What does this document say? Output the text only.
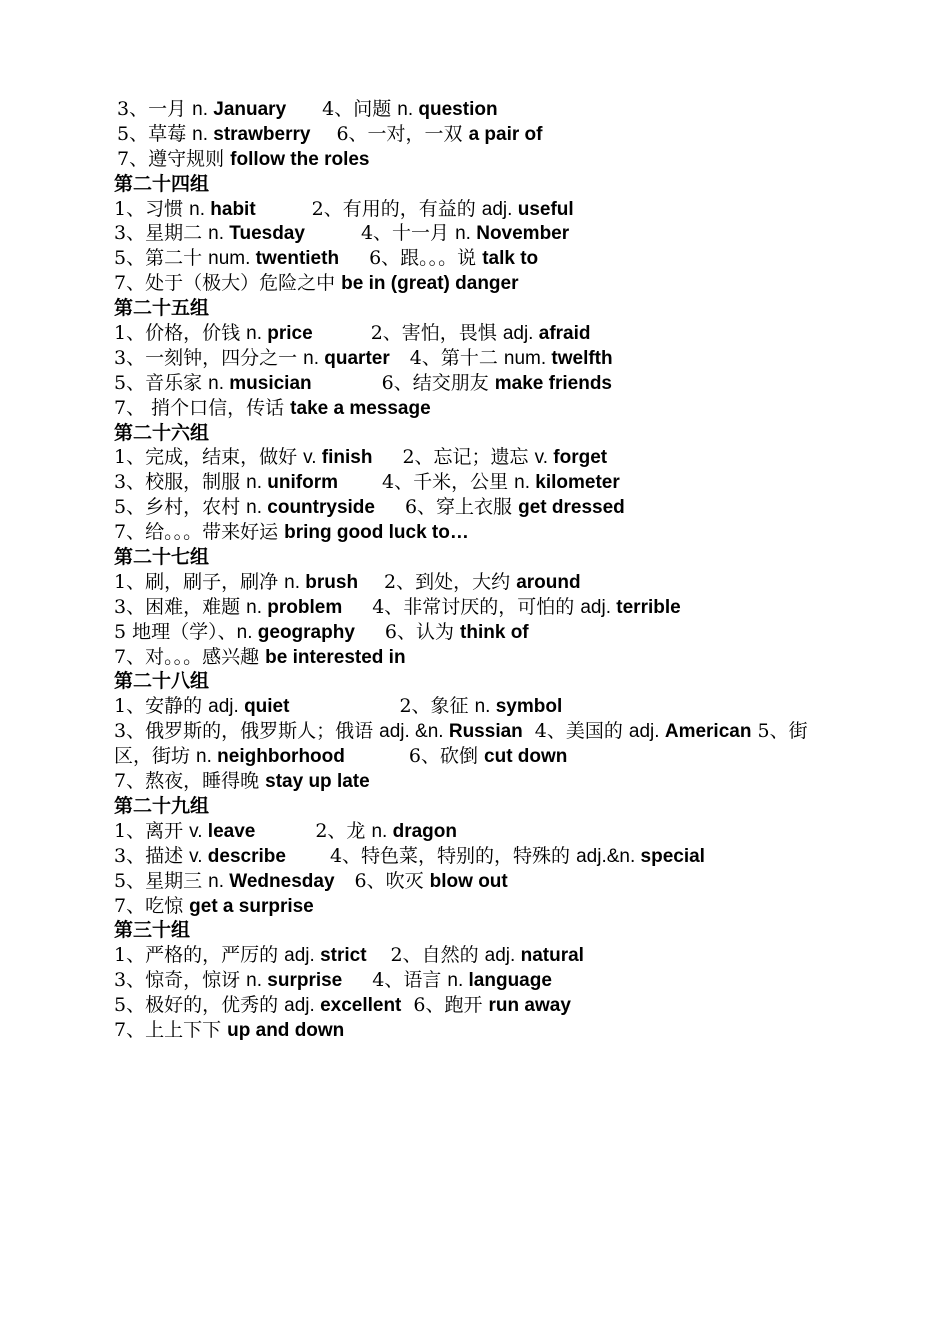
3、一月 n. January 4、问题 n. question
5、草莓 n. strawberry 6、一对，一双 a pair of
7、遵守规则 follow the roles
第二十四组
1、习惯 n. habit	2、有用的，有益的 adj. useful
3、星期二 n. Tuesday	4、十一月 n. November
5、第二十 num. twentieth 6、跟。。。说 talk to
7、处于（极大）危险之中 be in (great) danger
第二十五组
1、价格，价钱 n. price	2、害怕，畏惧 adj. afraid
3、一刻钟，四分之一 n. quarter 4、第十二 num. twelfth
5、音乐家 n. musician	6、结交朋友 make friends
7、 捎个口信，传话 take a message
第二十六组
1、完成，结束，做好 v. finish 2、忘记；遗忘 v. forget
3、校服，制服 n. uniform 4、千米，公里 n. kilometer
5、乡村，农村 n. countryside 6、穿上衣服 get dressed
7、给。。。带来好运 bring good luck to…
第二十七组
1、刷，刷子，刷净 n. brush 2、到处，大约 around
3、困难，难题 n. problem 4、非常讨厌的，可怕的 adj. terrible
5 地理（学）、n. geography 6、认为 think of
7、对。。。感兴趣 be interested in
第二十八组
1、安静的 adj. quiet	2、象征 n. symbol
3、俄罗斯的，俄罗斯人；俄语 adj. &n. Russian 4、美国的 adj. American 5、街
区，街坊 n. neighborhood	6、砍倒 cut down
7、熬夜，睡得晚 stay up late
第二十九组
1、离开 v. leave	2、龙 n. dragon
3、描述 v. describe 4、特色菜，特别的，特殊的 adj.&n. special
5、星期三 n. Wednesday 6、吹灭 blow out
7、吃惊 get a surprise
第三十组
1、严格的，严厉的 adj. strict 2、自然的 adj. natural
3、惊奇，惊讶 n. surprise 4、语言 n. language
5、极好的，优秀的 adj. excellent 6、跑开 run away
7、上上下下 up and down
